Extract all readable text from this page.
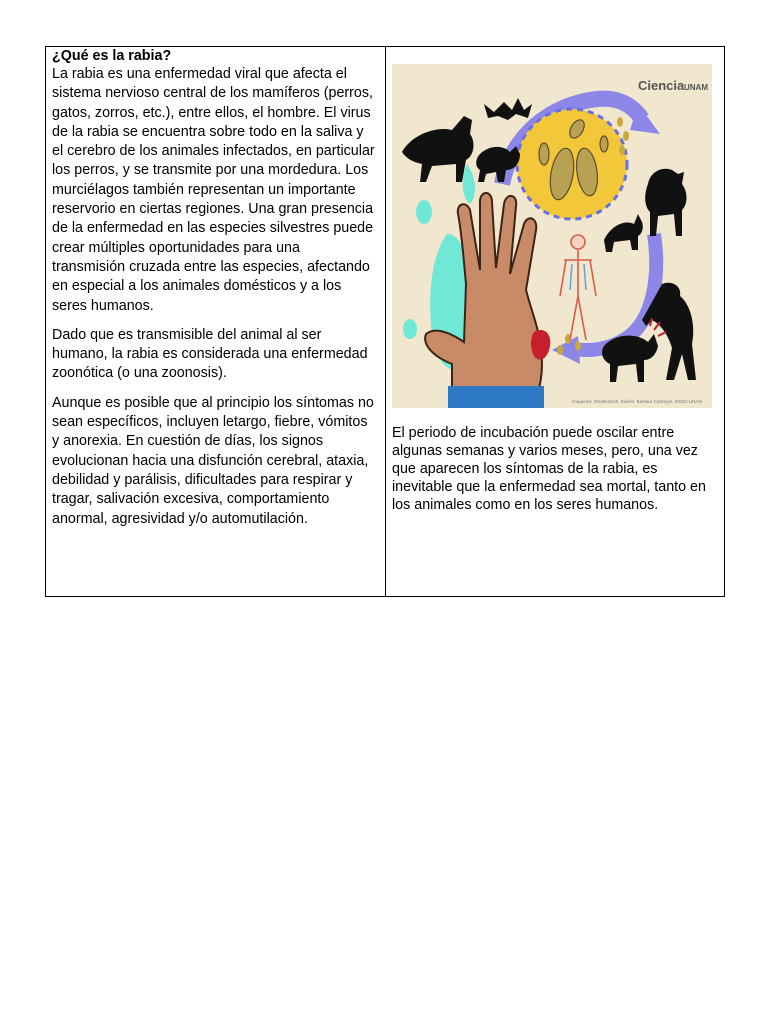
¿Qué es la rabia?

La rabia es una enfermedad viral que afecta el sistema nervioso central de los mamíferos (perros, gatos, zorros, etc.), entre ellos, el hombre. El virus de la rabia se encuentra sobre todo en la saliva y el cerebro de los animales infectados, en particular los perros, y se transmite por una mordedura. Los murciélagos también representan un importante reservorio en ciertas regiones. Una gran presencia de la enfermedad en las especies silvestres puede crear múltiples oportunidades para una transmisión cruzada entre las especies, afectando en especial a los animales domésticos y a los seres humanos.

Dado que es transmisible del animal al ser humano, la rabia es considerada una enfermedad zoonótica (o una zoonosis).

Aunque es posible que al principio los síntomas no sean específicos, incluyen letargo, fiebre, vómitos y anorexia. En cuestión de días, los signos evolucionan hacia una disfunción cerebral, ataxia, debilidad y parálisis, dificultades para respirar y tragar, salivación excesiva, comportamiento anormal, agresividad y/o automutilación.

Ciencia UNAM
Imágenes: Shutterstock. Diseño: Barbara Castrejón, DGDC-UNAM

El periodo de incubación puede oscilar entre algunas semanas y varios meses, pero, una vez que aparecen los síntomas de la rabia, es inevitable que la enfermedad sea mortal, tanto en los animales como en los seres humanos.
